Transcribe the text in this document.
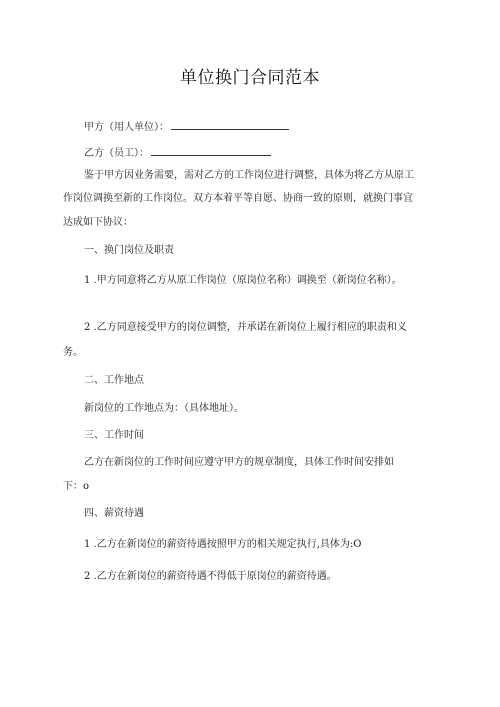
单位换门合同范本
甲方（用人单位）：
乙方（员工）：
鉴于甲方因业务需要，需对乙方的工作岗位进行调整，具体为将乙方从原工
作岗位调换至新的工作岗位。双方本着平等自愿、协商一致的原则，就换门事宜
达成如下协议：
一、换门岗位及职责
1 .甲方同意将乙方从原工作岗位（原岗位名称）调换至（新岗位名称）。
2 .乙方同意接受甲方的岗位调整，并承诺在新岗位上履行相应的职责和义
务。
二、工作地点
新岗位的工作地点为：（具体地址）。
三、工作时间
乙方在新岗位的工作时间应遵守甲方的规章制度，具体工作时间安排如
下：o
四、薪资待遇
1 .乙方在新岗位的薪资待遇按照甲方的相关规定执行,具体为:O
2 .乙方在新岗位的薪资待遇不得低于原岗位的薪资待遇。
